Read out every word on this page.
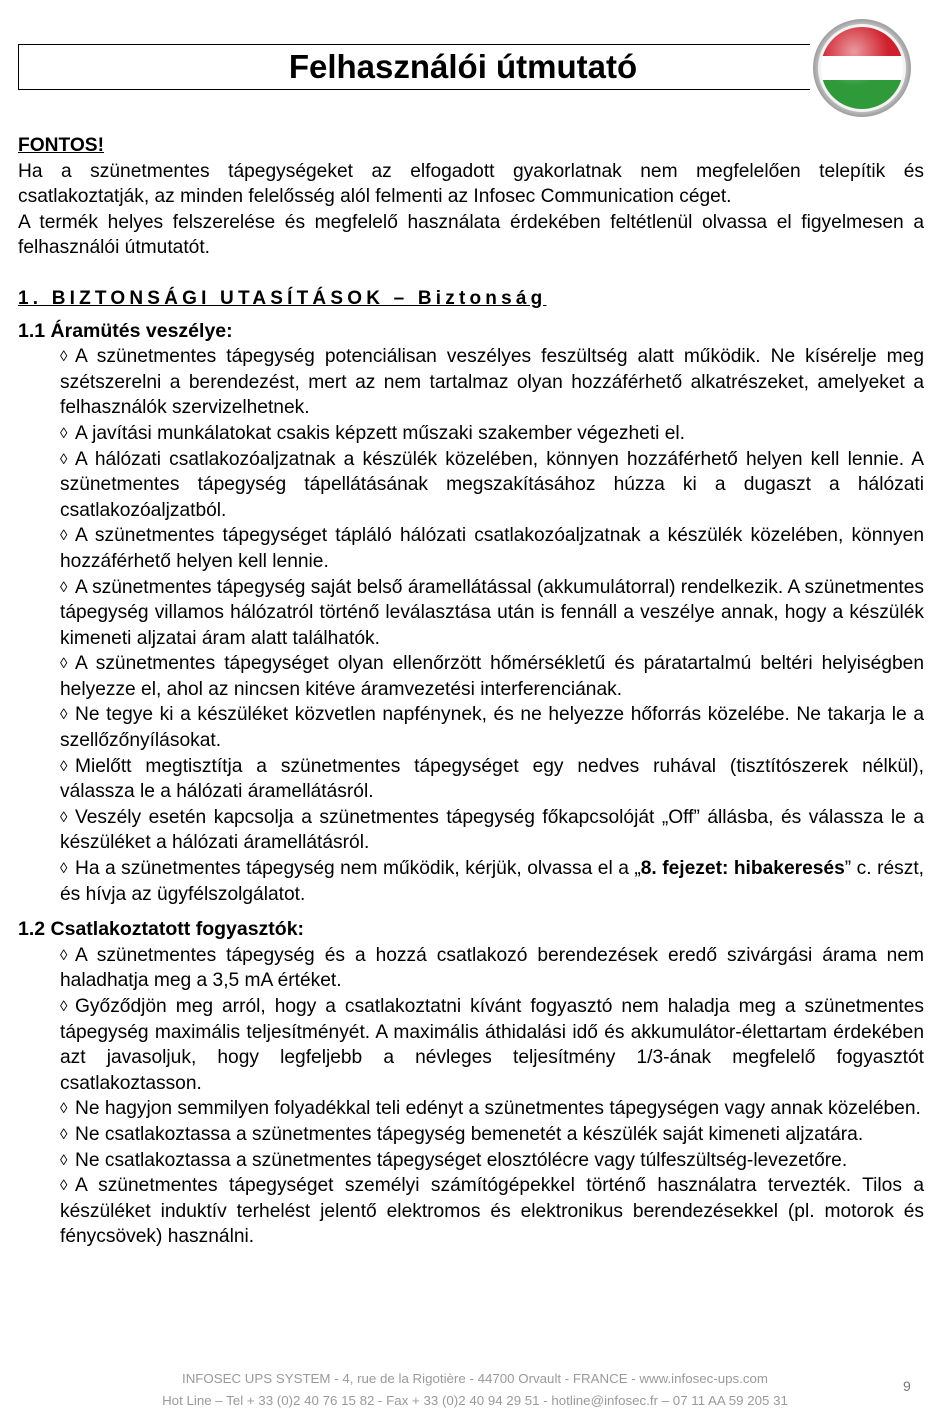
Felhasználói útmutató

FONTOS!

Ha a szünetmentes tápegységeket az elfogadott gyakorlatnak nem megfelelően telepítik és csatlakoztatják, az minden felelősség alól felmenti az Infosec Communication céget.

A termék helyes felszerelése és megfelelő használata érdekében feltétlenül olvassa el figyelmesen a felhasználói útmutatót.

1. BIZTONSÁGI UTASÍTÁSOK – Biztonság

1.1 Áramütés veszélye:

◊ A szünetmentes tápegység potenciálisan veszélyes feszültség alatt működik. Ne kísérelje meg szétszerelni a berendezést, mert az nem tartalmaz olyan hozzáférhető alkatrészeket, amelyeket a felhasználók szervizelhetnek.

◊ A javítási munkálatokat csakis képzett műszaki szakember végezheti el.

◊ A hálózati csatlakozóaljzatnak a készülék közelében, könnyen hozzáférhető helyen kell lennie. A szünetmentes tápegység tápellátásának megszakításához húzza ki a dugaszt a hálózati csatlakozóaljzatból.

◊ A szünetmentes tápegységet tápláló hálózati csatlakozóaljzatnak a készülék közelében, könnyen hozzáférhető helyen kell lennie.

◊ A szünetmentes tápegység saját belső áramellátással (akkumulátorral) rendelkezik. A szünetmentes tápegység villamos hálózatról történő leválasztása után is fennáll a veszélye annak, hogy a készülék kimeneti aljzatai áram alatt találhatók.

◊ A szünetmentes tápegységet olyan ellenőrzött hőmérsékletű és páratartalmú beltéri helyiségben helyezze el, ahol az nincsen kitéve áramvezetési interferenciának.

◊ Ne tegye ki a készüléket közvetlen napfénynek, és ne helyezze hőforrás közelébe. Ne takarja le a szellőzőnyílásokat.

◊ Mielőtt megtisztítja a szünetmentes tápegységet egy nedves ruhával (tisztítószerek nélkül), válassza le a hálózati áramellátásról.

◊ Veszély esetén kapcsolja a szünetmentes tápegység főkapcsolóját „Off” állásba, és válassza le a készüléket a hálózati áramellátásról.

◊ Ha a szünetmentes tápegység nem működik, kérjük, olvassa el a „8. fejezet: hibakeresés” c. részt, és hívja az ügyfélszolgálatot.

1.2 Csatlakoztatott fogyasztók:

◊ A szünetmentes tápegység és a hozzá csatlakozó berendezések eredő szivárgási árama nem haladhatja meg a 3,5 mA értéket.

◊ Győződjön meg arról, hogy a csatlakoztatni kívánt fogyasztó nem haladja meg a szünetmentes tápegység maximális teljesítményét. A maximális áthidalási idő és akkumulátor-élettartam érdekében azt javasoljuk, hogy legfeljebb a névleges teljesítmény 1/3-ának megfelelő fogyasztót csatlakoztasson.

◊ Ne hagyjon semmilyen folyadékkal teli edényt a szünetmentes tápegységen vagy annak közelében.

◊ Ne csatlakoztassa a szünetmentes tápegység bemenetét a készülék saját kimeneti aljzatára.

◊ Ne csatlakoztassa a szünetmentes tápegységet elosztólécre vagy túlfeszültség-levezetőre.

◊ A szünetmentes tápegységet személyi számítógépekkel történő használatra tervezték. Tilos a készüléket induktív terhelést jelentő elektromos és elektronikus berendezésekkel (pl. motorok és fénycsövek) használni.

INFOSEC UPS SYSTEM - 4, rue de la Rigotière - 44700 Orvault - FRANCE - www.infosec-ups.com
Hot Line – Tel + 33 (0)2 40 76 15 82 - Fax + 33 (0)2 40 94 29 51 - hotline@infosec.fr – 07 11 AA 59 205 31
9
